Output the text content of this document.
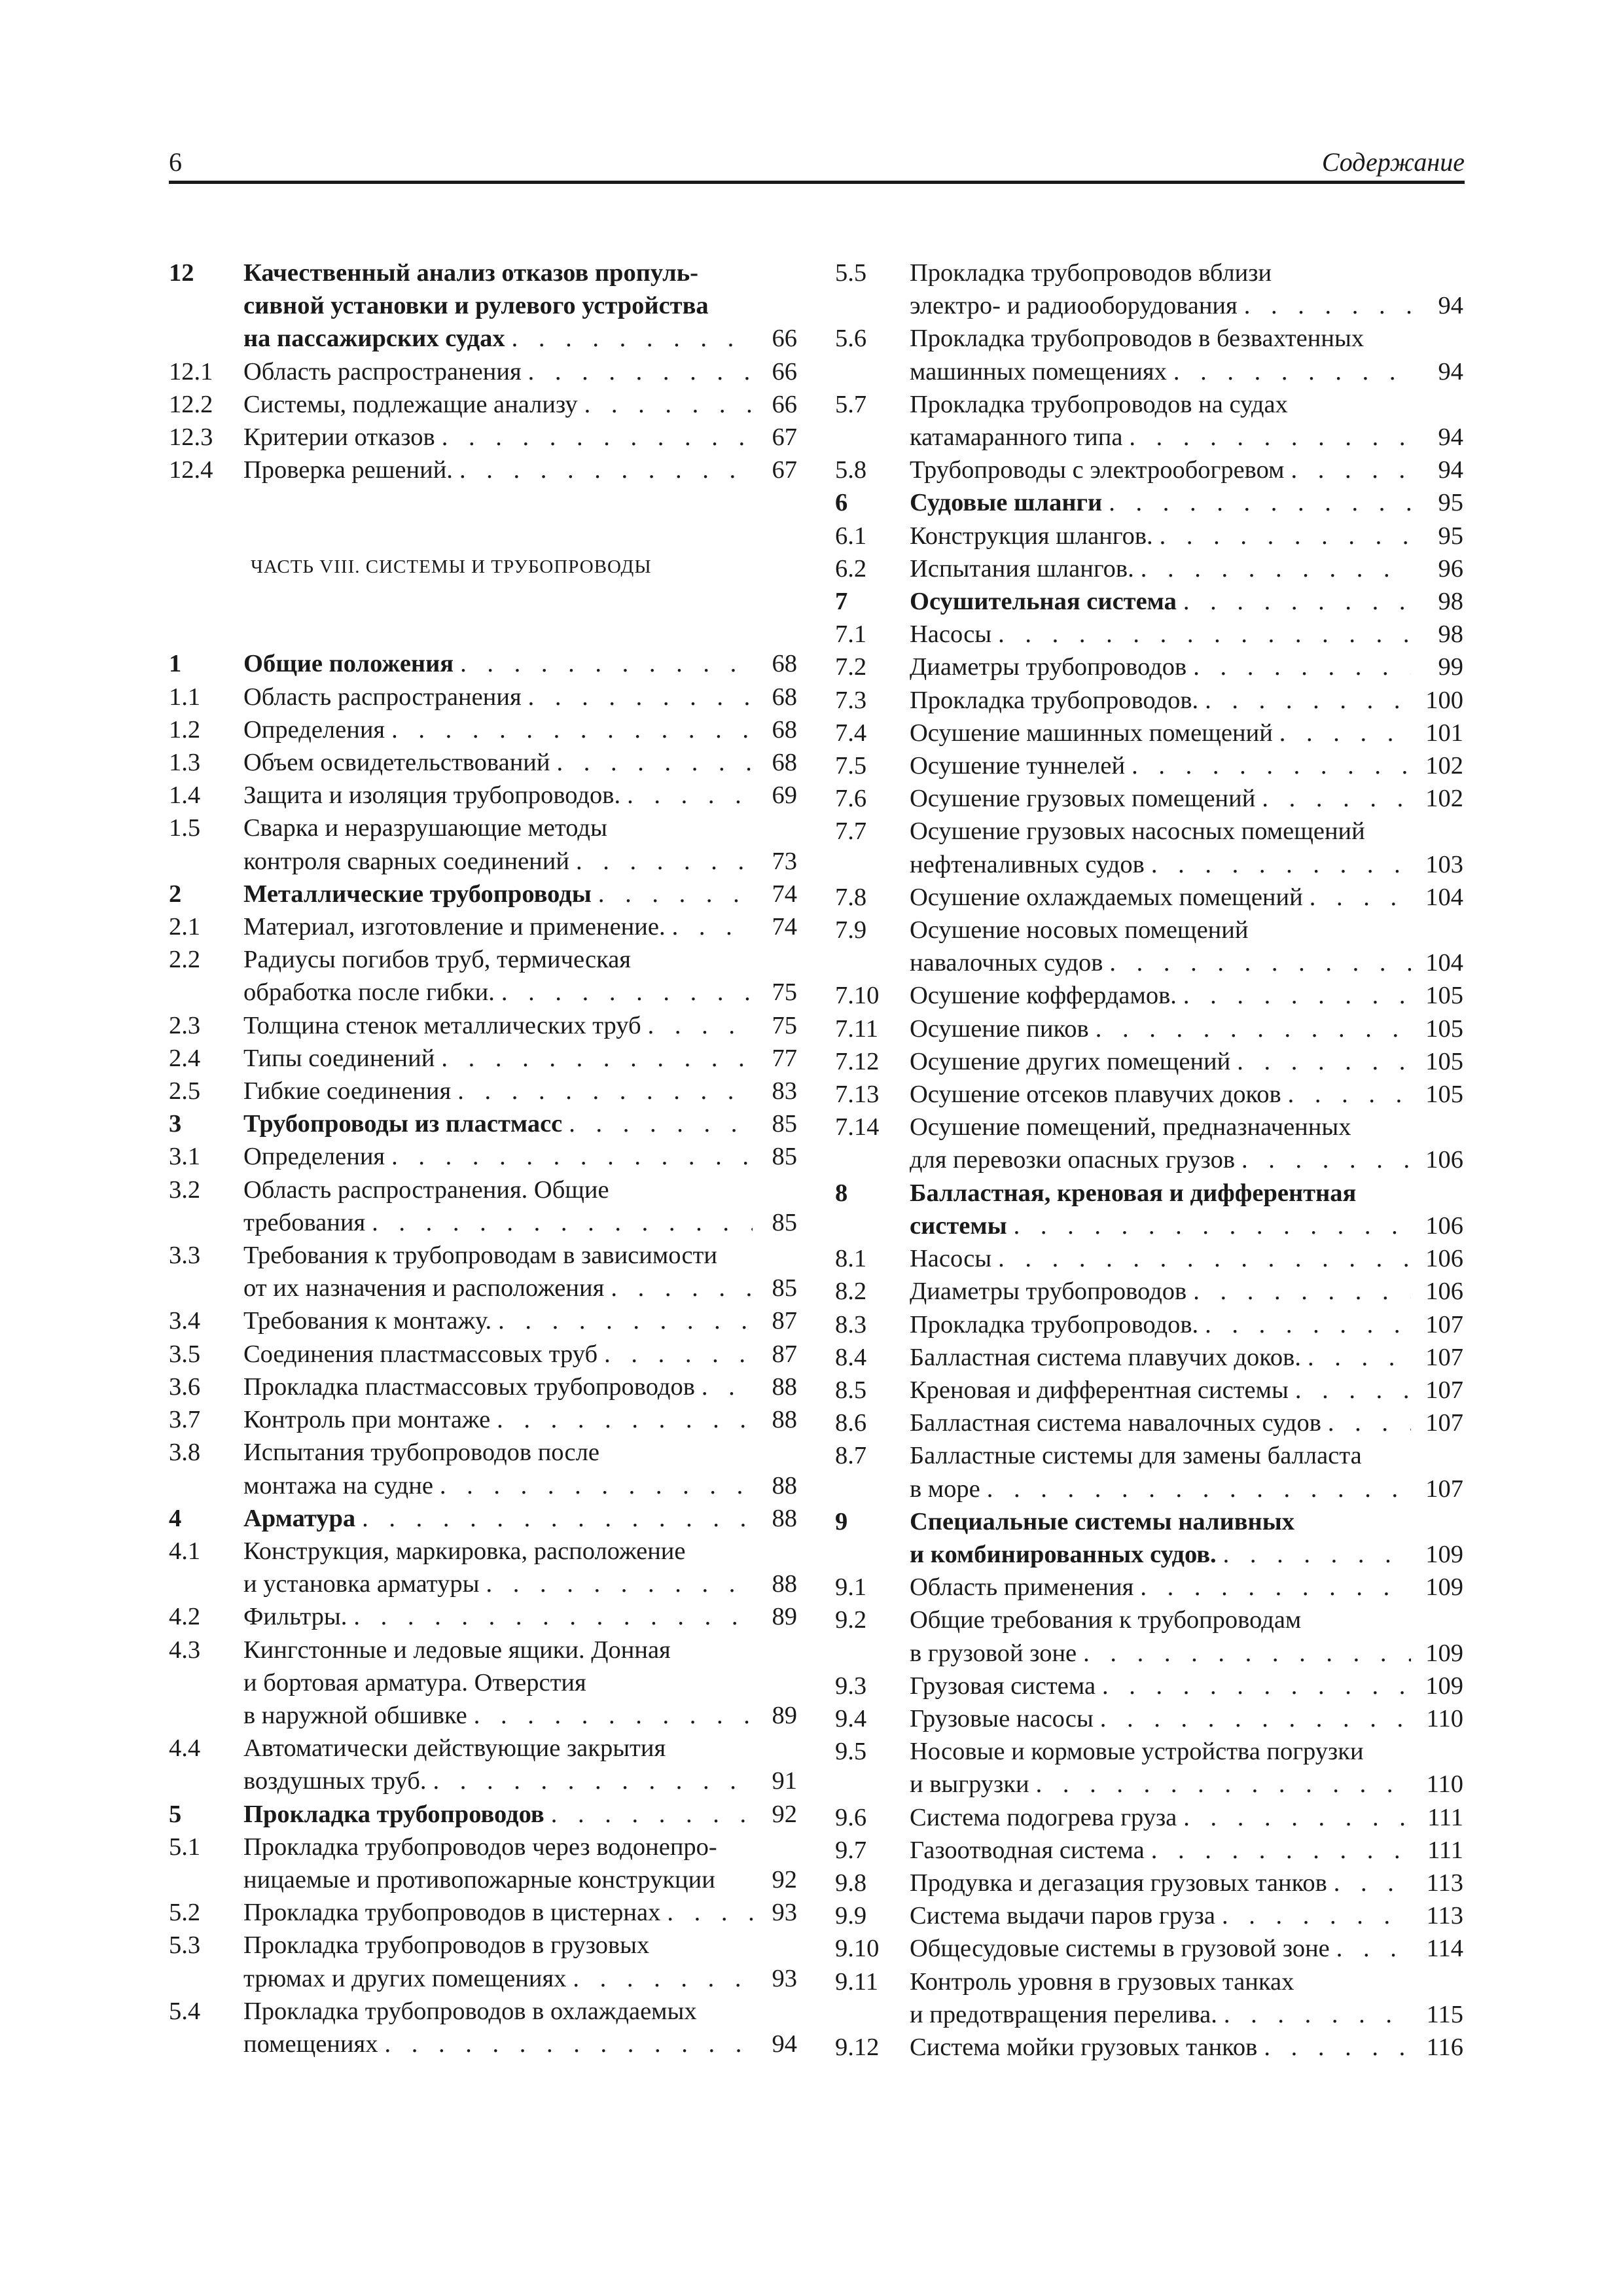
6	Содержание
12 Качественный анализ отказов пропуль-
сивной установки и рулевого устройства
на пассажирских судах . . .	66
12.1 Область распространения . . .	66
12.2 Системы, подлежащие анализу . . .	66
12.3 Критерии отказов . . .	67
12.4 Проверка решений. . . .	67
ЧАСТЬ VIII. СИСТЕМЫ И ТРУБОПРОВОДЫ
1 Общие положения . . .	68
1.1 Область распространения . . .	68
1.2 Определения . . .	68
1.3 Объем освидетельствований . . .	68
1.4 Защита и изоляция трубопроводов. . . .	69
1.5 Сварка и неразрушающие методы
контроля сварных соединений . . .	73
2 Металлические трубопроводы . . .	74
2.1 Материал, изготовление и применение. . . .	74
2.2 Радиусы погибов труб, термическая
обработка после гибки. . . .	75
2.3 Толщина стенок металлических труб . . .	75
2.4 Типы соединений . . .	77
2.5 Гибкие соединения . . .	83
3 Трубопроводы из пластмасс . . .	85
3.1 Определения . . .	85
3.2 Область распространения. Общие
требования . . .	85
3.3 Требования к трубопроводам в зависимости
от их назначения и расположения . . .	85
3.4 Требования к монтажу. . . .	87
3.5 Соединения пластмассовых труб . . .	87
3.6 Прокладка пластмассовых трубопроводов . . .	88
3.7 Контроль при монтаже . . .	88
3.8 Испытания трубопроводов после
монтажа на судне . . .	88
4 Арматура . . .	88
4.1 Конструкция, маркировка, расположение
и установка арматуры . . .	88
4.2 Фильтры. . . .	89
4.3 Кингстонные и ледовые ящики. Донная
и бортовая арматура. Отверстия
в наружной обшивке . . .	89
4.4 Автоматически действующие закрытия
воздушных труб. . . .	91
5 Прокладка трубопроводов . . .	92
5.1 Прокладка трубопроводов через водонепро-
ницаемые и противопожарные конструкции 92
5.2 Прокладка трубопроводов в цистернах . . .	93
5.3 Прокладка трубопроводов в грузовых
трюмах и других помещениях . . .	93
5.4 Прокладка трубопроводов в охлаждаемых
помещениях . . .	94
5.5 Прокладка трубопроводов вблизи
электро- и радиооборудования . . .	94
5.6 Прокладка трубопроводов в безвахтенных
машинных помещениях . . .	94
5.7 Прокладка трубопроводов на судах
катамаранного типа . . .	94
5.8 Трубопроводы с электрообогревом . . .	94
6 Судовые шланги . . .	95
6.1 Конструкция шлангов. . . .	95
6.2 Испытания шлангов. . . .	96
7 Осушительная система . . .	98
7.1 Насосы . . .	98
7.2 Диаметры трубопроводов . . .	99
7.3 Прокладка трубопроводов. . . .	100
7.4 Осушение машинных помещений . . .	101
7.5 Осушение туннелей . . .	102
7.6 Осушение грузовых помещений . . .	102
7.7 Осушение грузовых насосных помещений
нефтеналивных судов . . .	103
7.8 Осушение охлаждаемых помещений . . .	104
7.9 Осушение носовых помещений
навалочных судов . . .	104
7.10 Осушение коффердамов. . . .	105
7.11 Осушение пиков . . .	105
7.12 Осушение других помещений . . .	105
7.13 Осушение отсеков плавучих доков . . .	105
7.14 Осушение помещений, предназначенных
для перевозки опасных грузов . . .	106
8 Балластная, креновая и дифферентная
системы . . .	106
8.1 Насосы . . .	106
8.2 Диаметры трубопроводов . . .	106
8.3 Прокладка трубопроводов. . . .	107
8.4 Балластная система плавучих доков. . . .	107
8.5 Креновая и дифферентная системы . . .	107
8.6 Балластная система навалочных судов . . .	107
8.7 Балластные системы для замены балласта
в море . . .	107
9 Специальные системы наливных
и комбинированных судов. . . .	109
9.1 Область применения . . .	109
9.2 Общие требования к трубопроводам
в грузовой зоне . . .	109
9.3 Грузовая система . . .	109
9.4 Грузовые насосы . . .	110
9.5 Носовые и кормовые устройства погрузки
и выгрузки . . .	110
9.6 Система подогрева груза . . .	111
9.7 Газоотводная система . . .	111
9.8 Продувка и дегазация грузовых танков . . .	113
9.9 Система выдачи паров груза . . .	113
9.10 Общесудовые системы в грузовой зоне . . .	114
9.11 Контроль уровня в грузовых танках
и предотвращения перелива. . . .	115
9.12 Система мойки грузовых танков . . .	116
